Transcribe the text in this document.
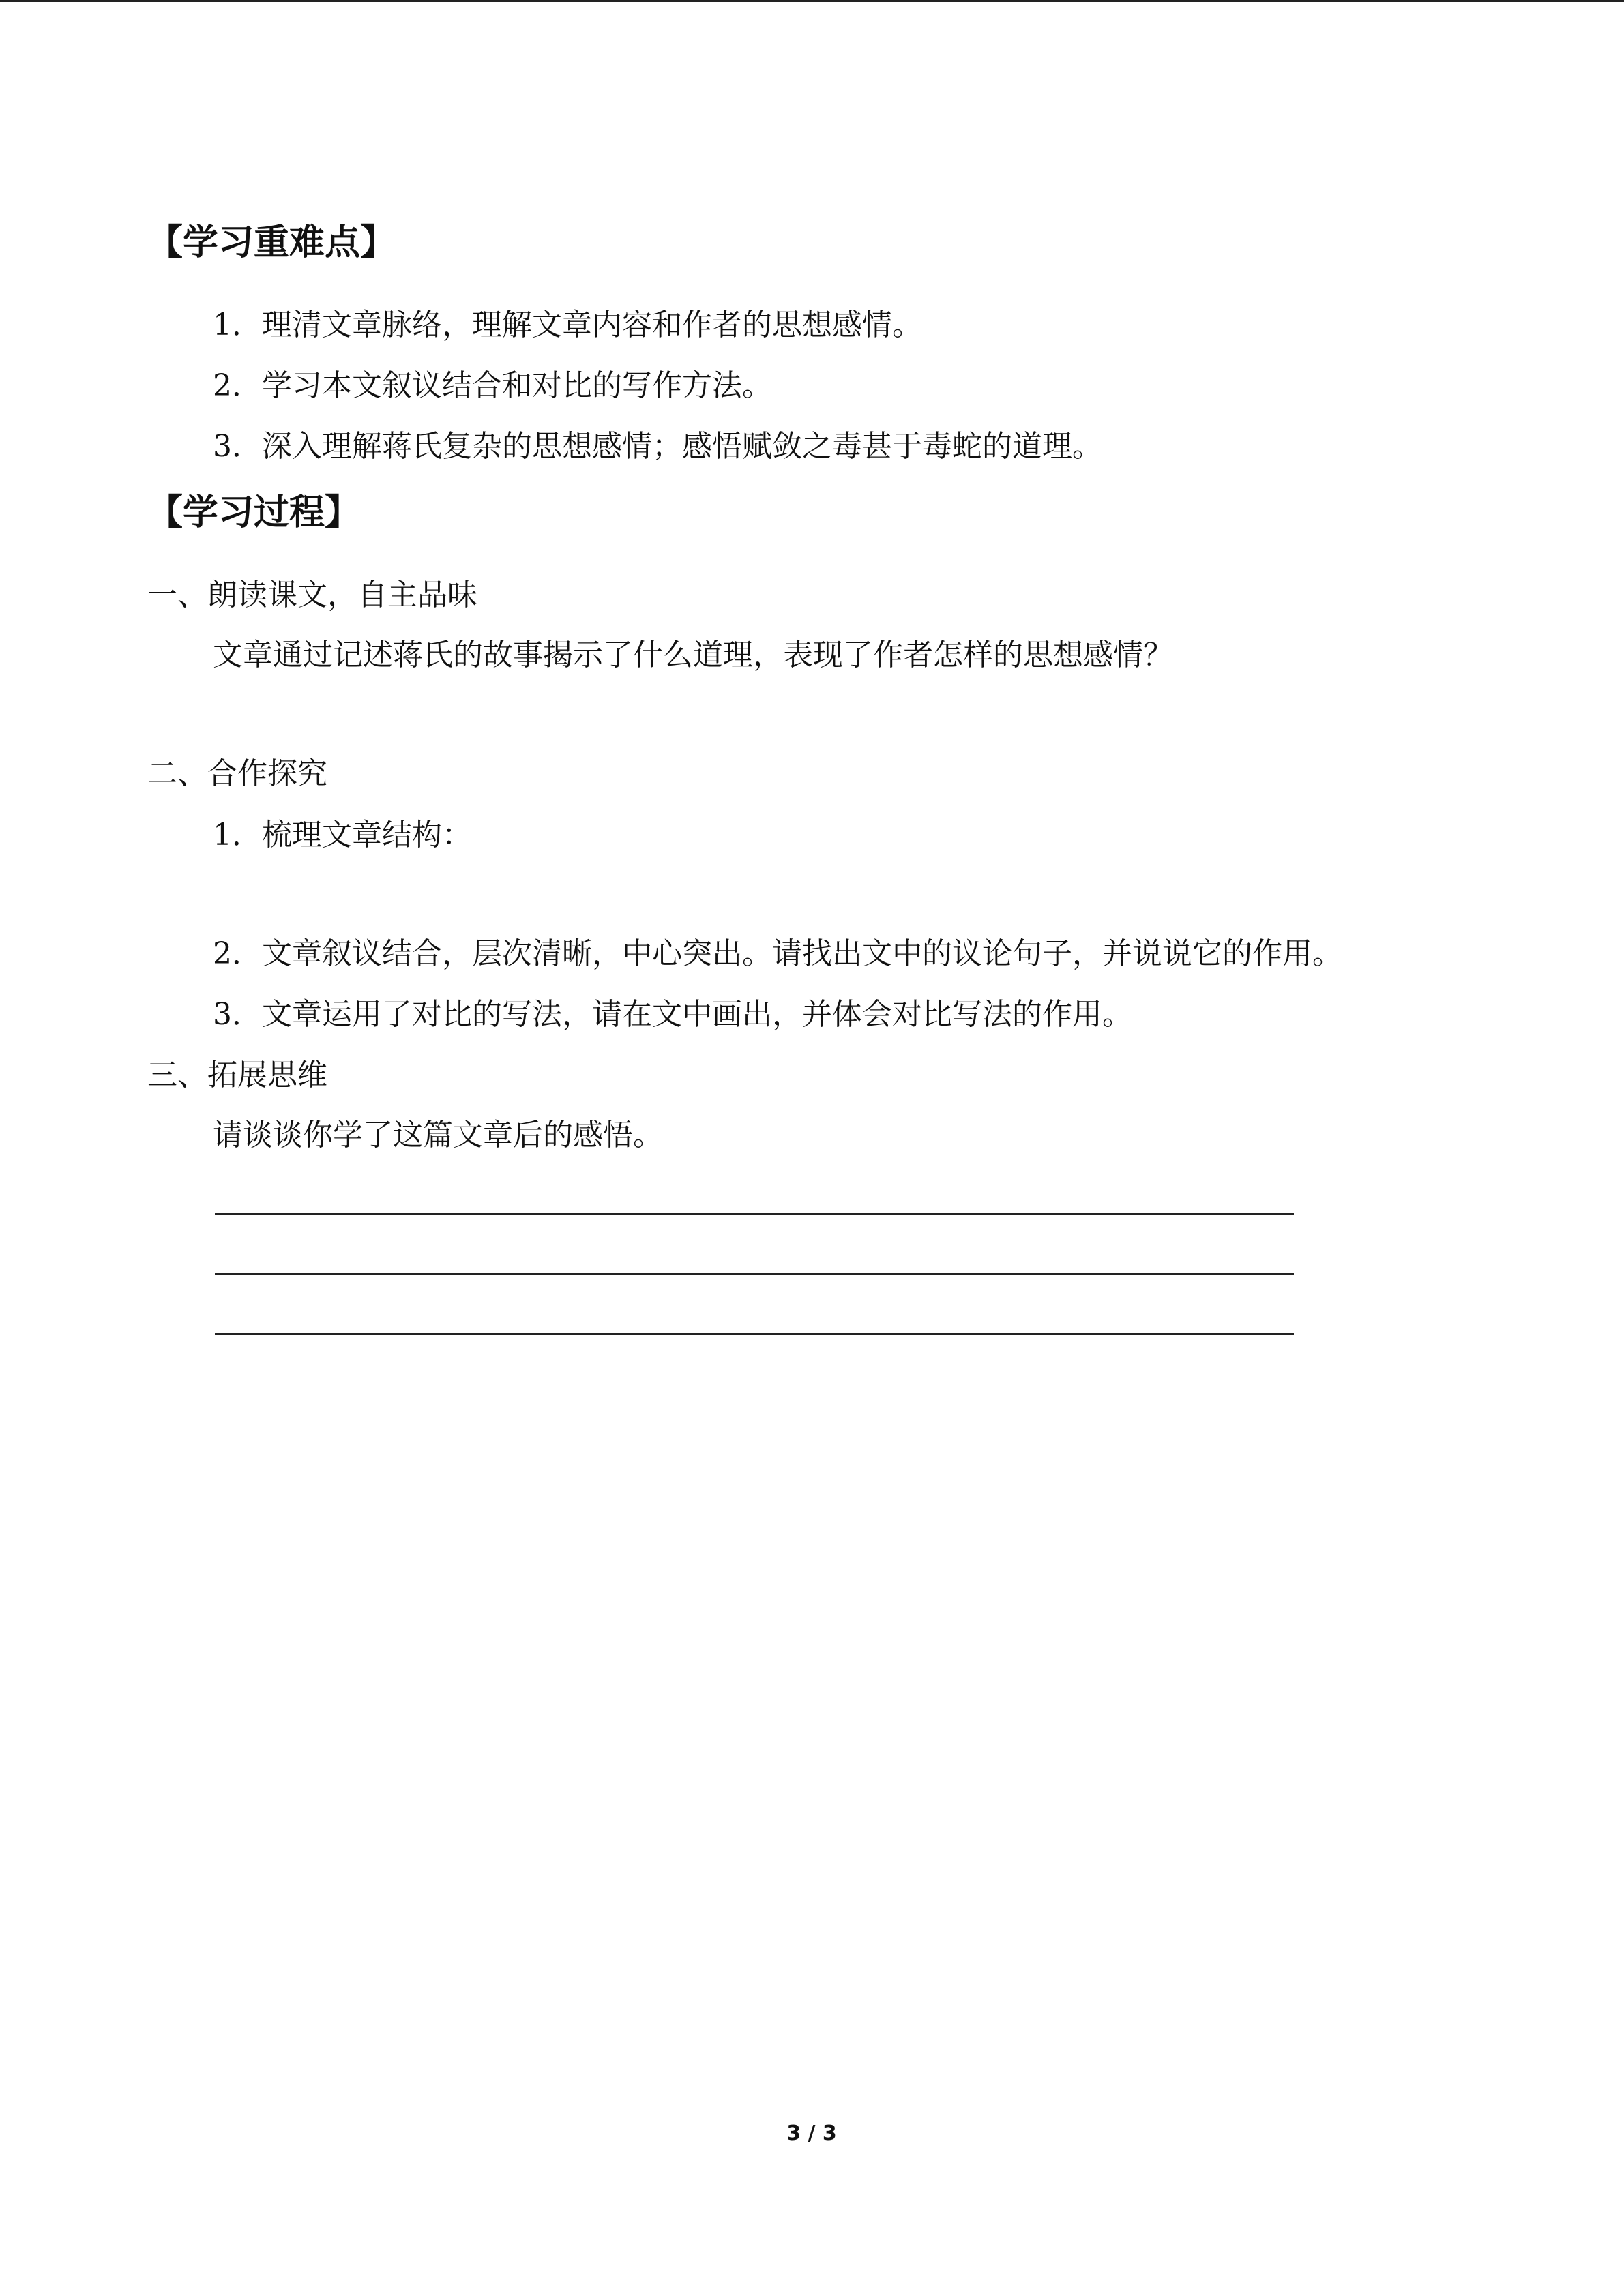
【学习重难点】
1．理清文章脉络，理解文章内容和作者的思想感情。
2．学习本文叙议结合和对比的写作方法。
3．深入理解蒋氏复杂的思想感情；感悟赋敛之毒甚于毒蛇的道理。
【学习过程】
一、朗读课文，自主品味
文章通过记述蒋氏的故事揭示了什么道理，表现了作者怎样的思想感情？
二、合作探究
1．梳理文章结构：
2．文章叙议结合，层次清晰，中心突出。请找出文中的议论句子，并说说它的作用。
3．文章运用了对比的写法，请在文中画出，并体会对比写法的作用。
三、拓展思维
请谈谈你学了这篇文章后的感悟。
3 / 3
